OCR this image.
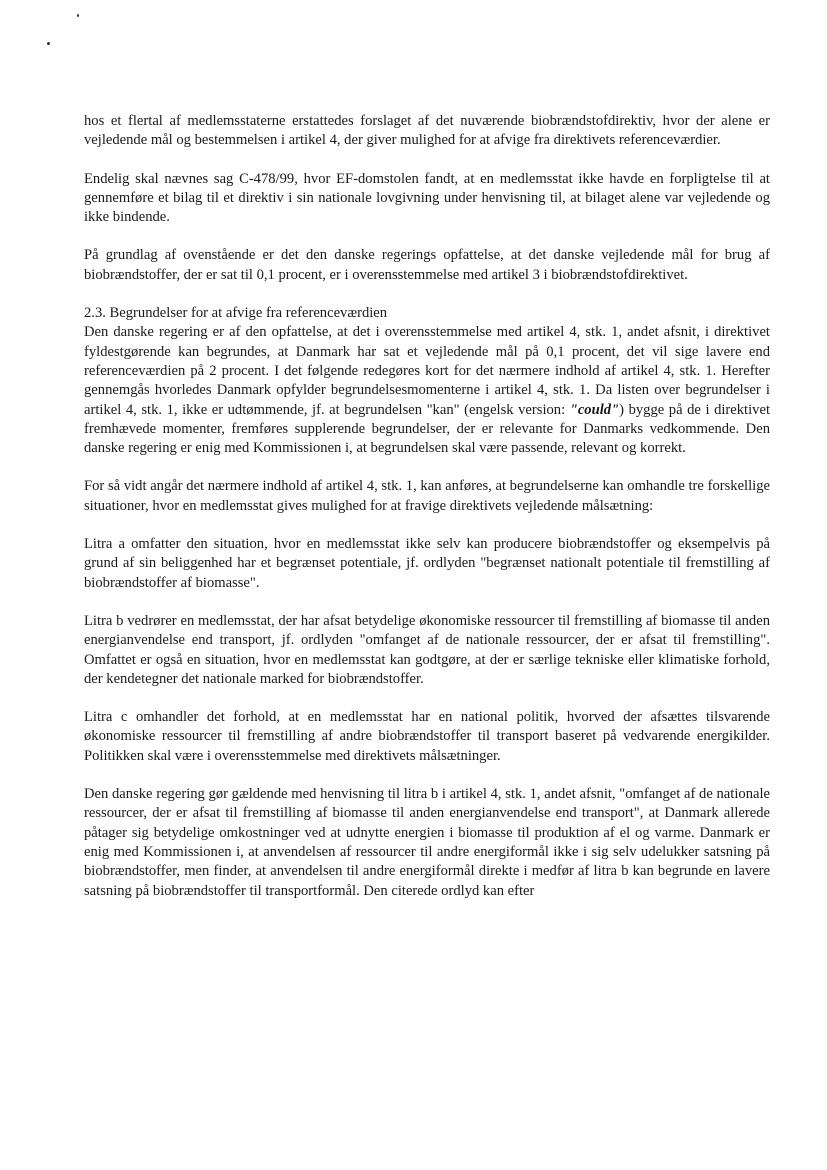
hos et flertal af medlemsstaterne erstattedes forslaget af det nuværende biobrændstofdirektiv, hvor der alene er vejledende mål og bestemmelsen i artikel 4, der giver mulighed for at afvige fra direktivets referenceværdier.

Endelig skal nævnes sag C-478/99, hvor EF-domstolen fandt, at en medlemsstat ikke havde en forpligtelse til at gennemføre et bilag til et direktiv i sin nationale lovgivning under henvisning til, at bilaget alene var vejledende og ikke bindende.

På grundlag af ovenstående er det den danske regerings opfattelse, at det danske vejledende mål for brug af biobrændstoffer, der er sat til 0,1 procent, er i overensstemmelse med artikel 3 i biobrændstofdirektivet.

2.3. Begrundelser for at afvige fra referenceværdien

Den danske regering er af den opfattelse, at det i overensstemmelse med artikel 4, stk. 1, andet afsnit, i direktivet fyldestgørende kan begrundes, at Danmark har sat et vejledende mål på 0,1 procent, det vil sige lavere end referenceværdien på 2 procent. I det følgende redegøres kort for det nærmere indhold af artikel 4, stk. 1. Herefter gennemgås hvorledes Danmark opfylder begrundelsesmomenterne i artikel 4, stk. 1. Da listen over begrundelser i artikel 4, stk. 1, ikke er udtømmende, jf. at begrundelsen "kan" (engelsk version: "could") bygge på de i direktivet fremhævede momenter, fremføres supplerende begrundelser, der er relevante for Danmarks vedkommende. Den danske regering er enig med Kommissionen i, at begrundelsen skal være passende, relevant og korrekt.

For så vidt angår det nærmere indhold af artikel 4, stk. 1, kan anføres, at begrundelserne kan omhandle tre forskellige situationer, hvor en medlemsstat gives mulighed for at fravige direktivets vejledende målsætning:

Litra a omfatter den situation, hvor en medlemsstat ikke selv kan producere biobrændstoffer og eksempelvis på grund af sin beliggenhed har et begrænset potentiale, jf. ordlyden "begrænset nationalt potentiale til fremstilling af biobrændstoffer af biomasse".

Litra b vedrører en medlemsstat, der har afsat betydelige økonomiske ressourcer til fremstilling af biomasse til anden energianvendelse end transport, jf. ordlyden "omfanget af de nationale ressourcer, der er afsat til fremstilling". Omfattet er også en situation, hvor en medlemsstat kan godtgøre, at der er særlige tekniske eller klimatiske forhold, der kendetegner det nationale marked for biobrændstoffer.

Litra c omhandler det forhold, at en medlemsstat har en national politik, hvorved der afsættes tilsvarende økonomiske ressourcer til fremstilling af andre biobrændstoffer til transport baseret på vedvarende energikilder. Politikken skal være i overensstemmelse med direktivets målsætninger.

Den danske regering gør gældende med henvisning til litra b i artikel 4, stk. 1, andet afsnit, "omfanget af de nationale ressourcer, der er afsat til fremstilling af biomasse til anden energianvendelse end transport", at Danmark allerede påtager sig betydelige omkostninger ved at udnytte energien i biomasse til produktion af el og varme. Danmark er enig med Kommissionen i, at anvendelsen af ressourcer til andre energiformål ikke i sig selv udelukker satsning på biobrændstoffer, men finder, at anvendelsen til andre energiformål direkte i medfør af litra b kan begrunde en lavere satsning på biobrændstoffer til transportformål. Den citerede ordlyd kan efter
